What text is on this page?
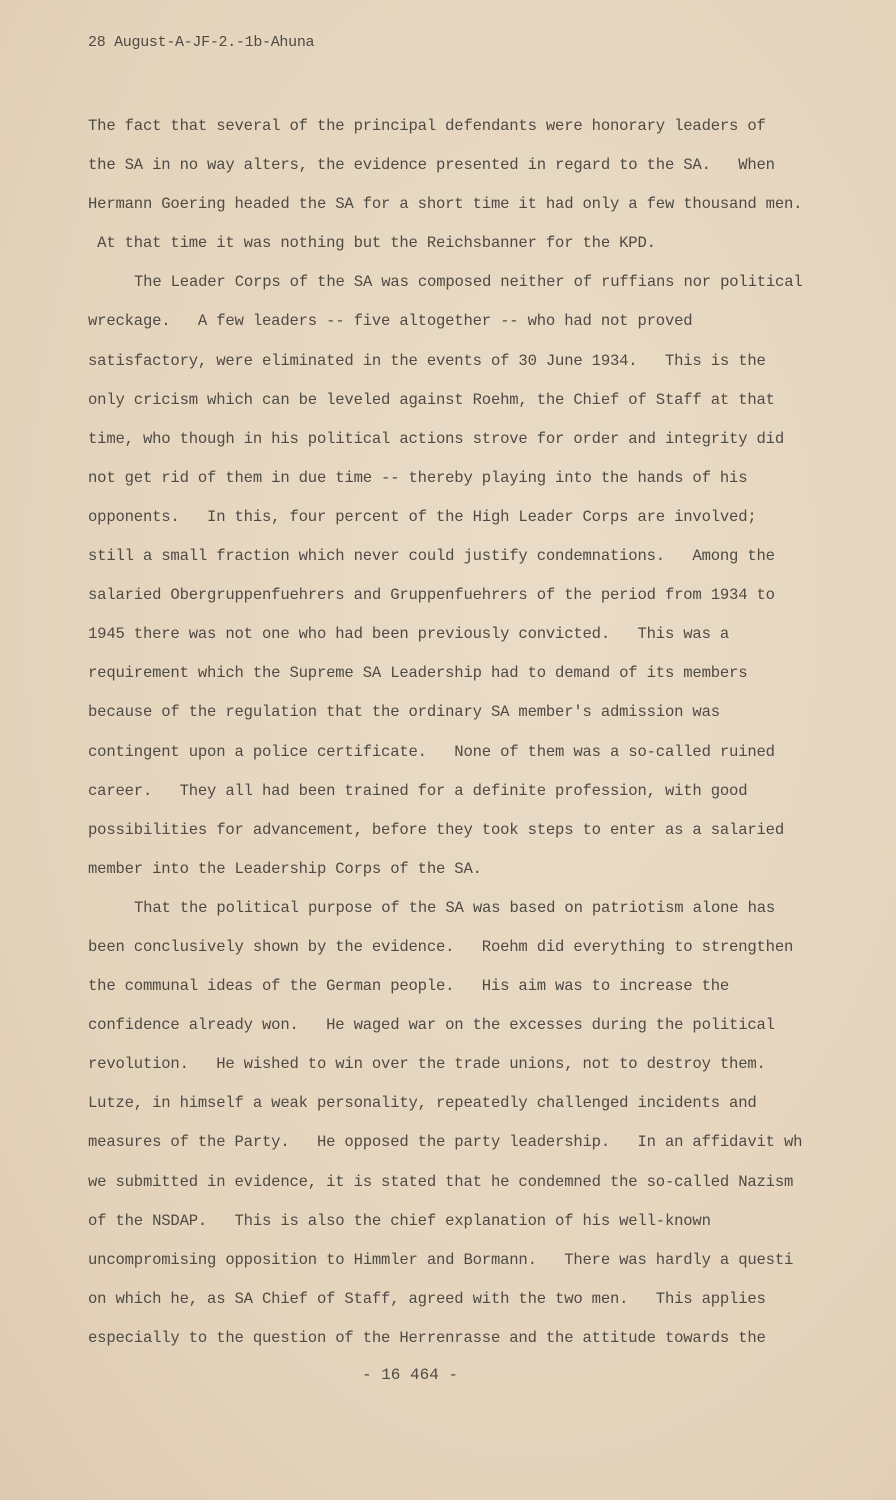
28 August-A-JF-2.-1b-Ahuna
The fact that several of the principal defendants were honorary leaders of
the SA in no way alters, the evidence presented in regard to the SA.   When
Hermann Goering headed the SA for a short time it had only a few thousand men.
At that time it was nothing but the Reichsbanner for the KPD.
The Leader Corps of the SA was composed neither of ruffians nor political
wreckage.   A few leaders -- five altogether -- who had not proved
satisfactory, were eliminated in the events of 30 June 1934.   This is the
only cricism which can be leveled against Roehm, the Chief of Staff at that
time, who though in his political actions strove for order and integrity did
not get rid of them in due time -- thereby playing into the hands of his
opponents.   In this, four percent of the High Leader Corps are involved;
still a small fraction which never could justify condemnations.   Among the
salaried Obergruppenfuehrers and Gruppenfuehrers of the period from 1934 to
1945 there was not one who had been previously convicted.   This was a
requirement which the Supreme SA Leadership had to demand of its members
because of the regulation that the ordinary SA member's admission was
contingent upon a police certificate.   None of them was a so-called ruined
career.   They all had been trained for a definite profession, with good
possibilities for advancement, before they took steps to enter as a salaried
member into the Leadership Corps of the SA.
That the political purpose of the SA was based on patriotism alone has
been conclusively shown by the evidence.   Roehm did everything to strengthen
the communal ideas of the German people.   His aim was to increase the
confidence already won.   He waged war on the excesses during the political
revolution.   He wished to win over the trade unions, not to destroy them.
Lutze, in himself a weak personality, repeatedly challenged incidents and
measures of the Party.   He opposed the party leadership.   In an affidavit wh
we submitted in evidence, it is stated that he condemned the so-called Nazism
of the NSDAP.   This is also the chief explanation of his well-known
uncompromising opposition to Himmler and Bormann.   There was hardly a questi
on which he, as SA Chief of Staff, agreed with the two men.   This applies
especially to the question of the Herrenrasse and the attitude towards the
- 16 464 -
